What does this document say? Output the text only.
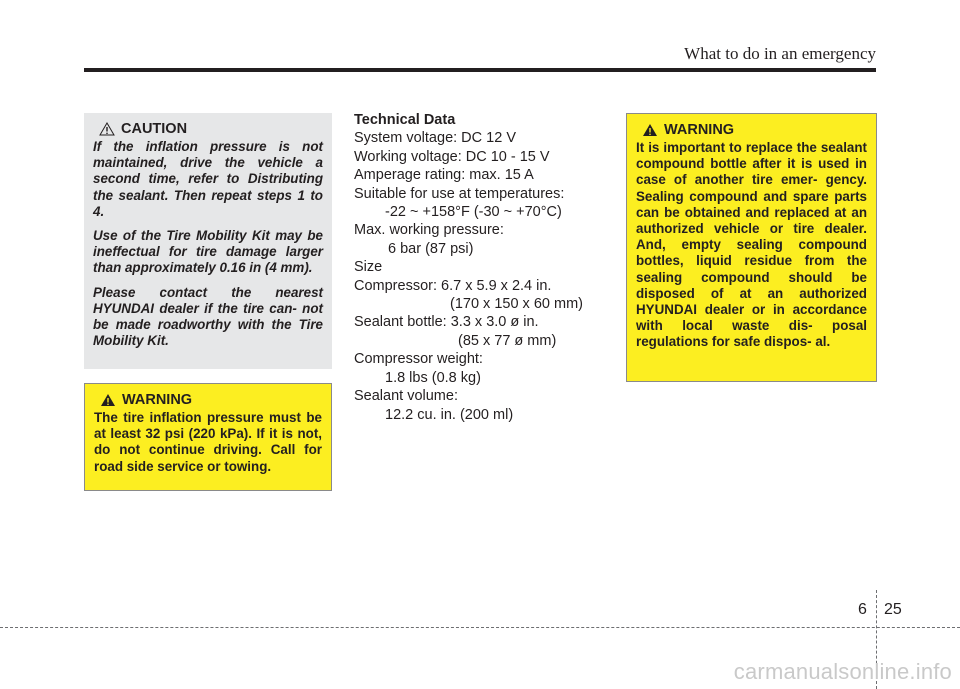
What to do in an emergency
CAUTION

If the inflation pressure is not maintained, drive the vehicle a second time, refer to Distributing the sealant. Then repeat steps 1 to 4.

Use of the Tire Mobility Kit may be ineffectual for tire damage larger than approximately 0.16 in (4 mm).

Please contact the nearest HYUNDAI dealer if the tire can- not be made roadworthy with the Tire Mobility Kit.

WARNING

The tire inflation pressure must be at least 32 psi (220 kPa). If it is not, do not continue driving. Call for road side service or towing.

Technical Data
System voltage: DC 12 V
Working voltage: DC 10 - 15 V
Amperage rating: max. 15 A
Suitable for use at temperatures:
-22 ~ +158°F (-30 ~ +70°C)
Max. working pressure:
6 bar (87 psi)
Size
Compressor: 6.7 x 5.9 x 2.4 in.
(170 x 150 x 60 mm)
Sealant bottle: 3.3 x 3.0 ø in.
(85 x 77 ø mm)
Compressor weight:
1.8 lbs (0.8 kg)
Sealant volume:
12.2 cu. in. (200 ml)
WARNING

It is important to replace the sealant compound bottle after it is used in case of another tire emer- gency. Sealing compound and spare parts can be obtained and replaced at an authorized vehicle or tire dealer. And, empty sealing compound bottles, liquid residue from the sealing compound should be disposed of at an authorized HYUNDAI dealer or in accordance with local waste dis- posal regulations for safe dispos- al.

6 25
carmanualsonline.info
